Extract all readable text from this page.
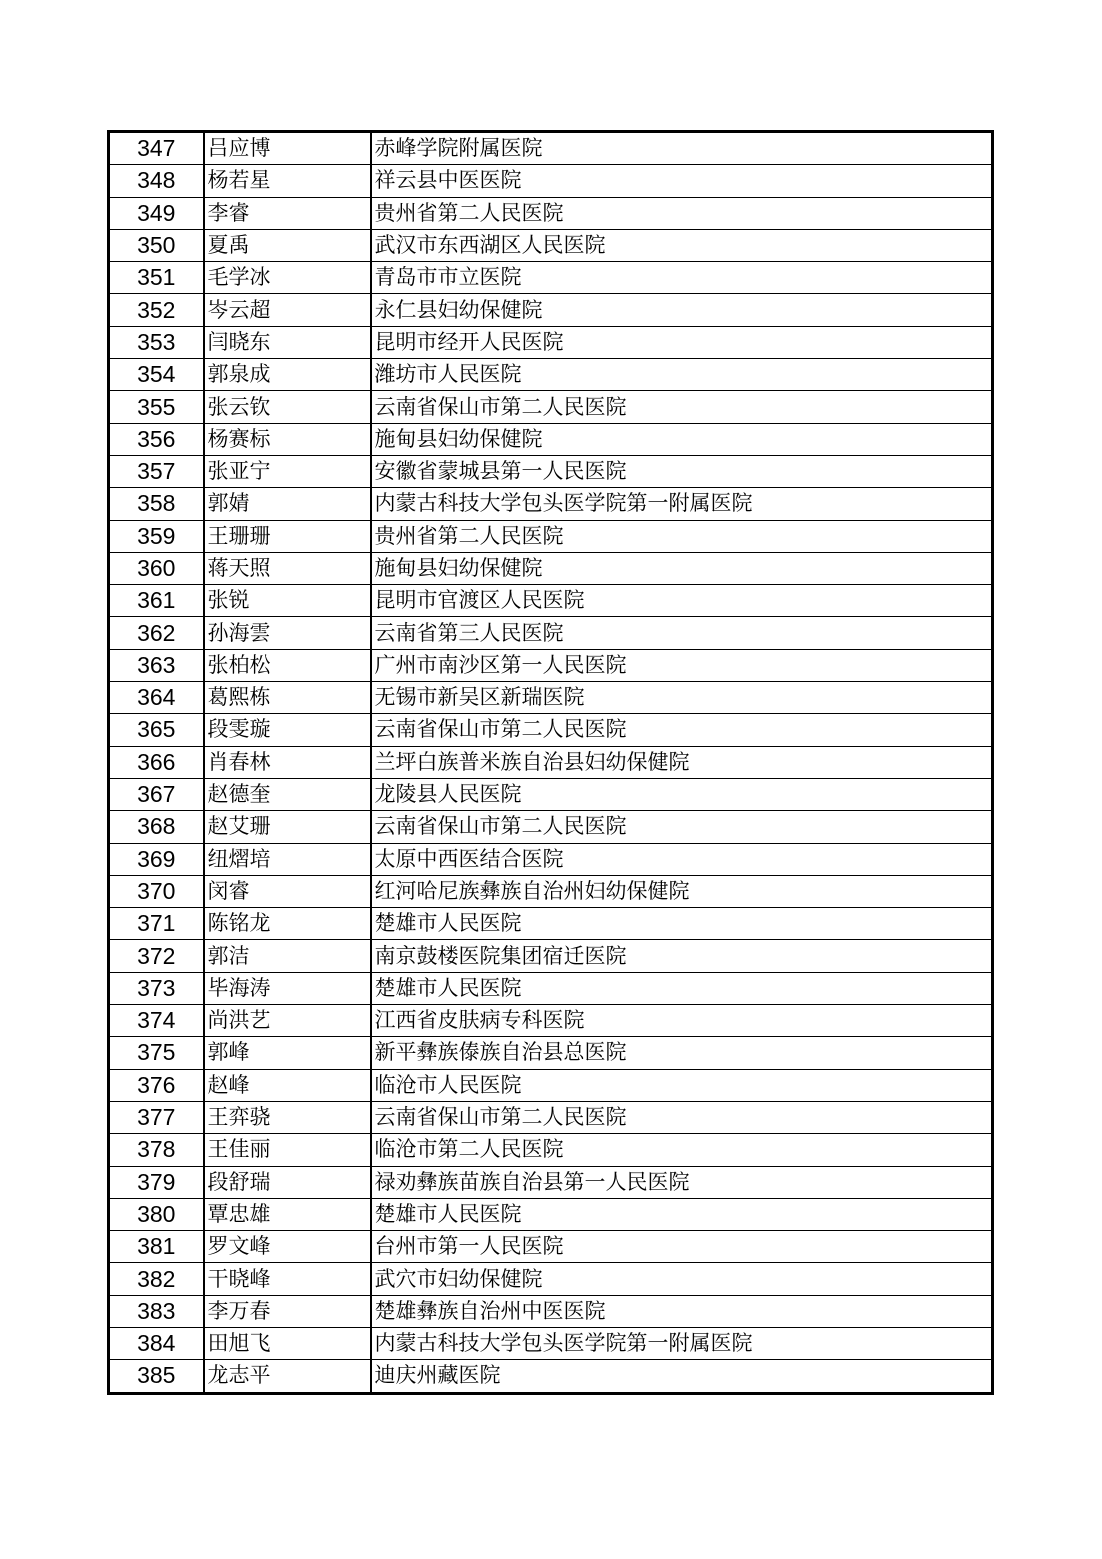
347	吕应博	赤峰学院附属医院
348	杨若星	祥云县中医医院
349	李睿	贵州省第二人民医院
350	夏禹	武汉市东西湖区人民医院
351	毛学冰	青岛市市立医院
352	岑云超	永仁县妇幼保健院
353	闫晓东	昆明市经开人民医院
354	郭泉成	潍坊市人民医院
355	张云钦	云南省保山市第二人民医院
356	杨赛标	施甸县妇幼保健院
357	张亚宁	安徽省蒙城县第一人民医院
358	郭婧	内蒙古科技大学包头医学院第一附属医院
359	王珊珊	贵州省第二人民医院
360	蒋天照	施甸县妇幼保健院
361	张锐	昆明市官渡区人民医院
362	孙海雲	云南省第三人民医院
363	张柏松	广州市南沙区第一人民医院
364	葛熙栋	无锡市新吴区新瑞医院
365	段雯璇	云南省保山市第二人民医院
366	肖春林	兰坪白族普米族自治县妇幼保健院
367	赵德奎	龙陵县人民医院
368	赵艾珊	云南省保山市第二人民医院
369	纽熠培	太原中西医结合医院
370	闵睿	红河哈尼族彝族自治州妇幼保健院
371	陈铭龙	楚雄市人民医院
372	郭洁	南京鼓楼医院集团宿迁医院
373	毕海涛	楚雄市人民医院
374	尚洪艺	江西省皮肤病专科医院
375	郭峰	新平彝族傣族自治县总医院
376	赵峰	临沧市人民医院
377	王弈骁	云南省保山市第二人民医院
378	王佳丽	临沧市第二人民医院
379	段舒瑞	禄劝彝族苗族自治县第一人民医院
380	覃忠雄	楚雄市人民医院
381	罗文峰	台州市第一人民医院
382	干晓峰	武穴市妇幼保健院
383	李万春	楚雄彝族自治州中医医院
384	田旭飞	内蒙古科技大学包头医学院第一附属医院
385	龙志平	迪庆州藏医院
